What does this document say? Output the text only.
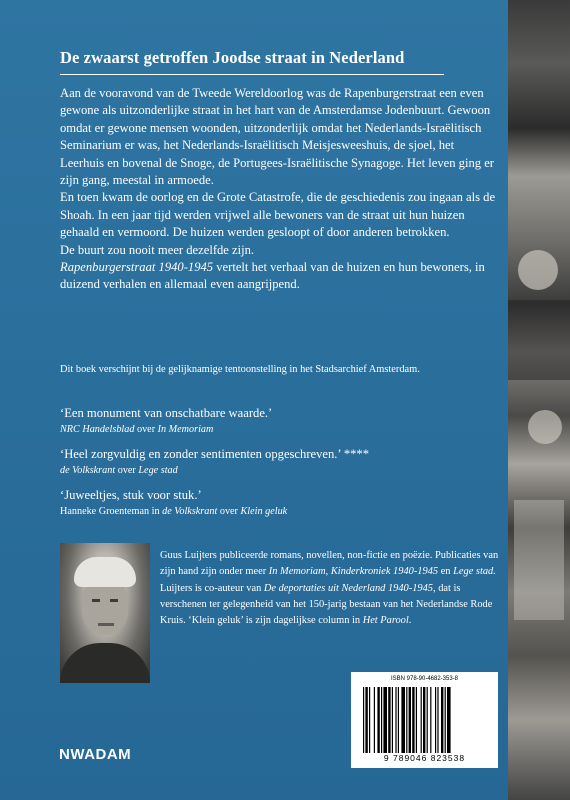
De zwaarst getroffen Joodse straat in Nederland

Aan de vooravond van de Tweede Wereldoorlog was de Rapenburgerstraat een even gewone als uitzonderlijke straat in het hart van de Amsterdamse Jodenbuurt. Gewoon omdat er gewone mensen woonden, uitzonderlijk omdat het Nederlands-Israëlitisch Seminarium er was, het Nederlands-Israëlitisch Meisjesweeshuis, de sjoel, het Leerhuis en bovenal de Snoge, de Portugees-Israëlitische Synagoge. Het leven ging er zijn gang, meestal in armoede.

En toen kwam de oorlog en de Grote Catastrofe, die de geschiedenis zou ingaan als de Shoah. In een jaar tijd werden vrijwel alle bewoners van de straat uit hun huizen gehaald en vermoord. De huizen werden gesloopt of door anderen betrokken.

De buurt zou nooit meer dezelfde zijn.

Rapenburgerstraat 1940-1945 vertelt het verhaal van de huizen en hun bewoners, in duizend verhalen en allemaal even aangrijpend.

Dit boek verschijnt bij de gelijknamige tentoonstelling in het Stadsarchief Amsterdam.

‘Een monument van onschatbare waarde.’
NRC Handelsblad over In Memoriam
‘Heel zorgvuldig en zonder sentimenten opgeschreven.’ ****
de Volkskrant over Lege stad
‘Juweeltjes, stuk voor stuk.’
Hanneke Groenteman in de Volkskrant over Klein geluk

Guus Luijters publiceerde romans, novellen, non-fictie en poëzie. Publicaties van zijn hand zijn onder meer In Memoriam, Kinderkroniek 1940-1945 en Lege stad. Luijters is co-auteur van De deportaties uit Nederland 1940-1945, dat is verschenen ter gelegenheid van het 150-jarig bestaan van het Nederlandse Rode Kruis. ‘Klein geluk’ is zijn dagelijkse column in Het Parool.

NWADAM
ISBN 978-90-4682-353-8
9 789046 823538
